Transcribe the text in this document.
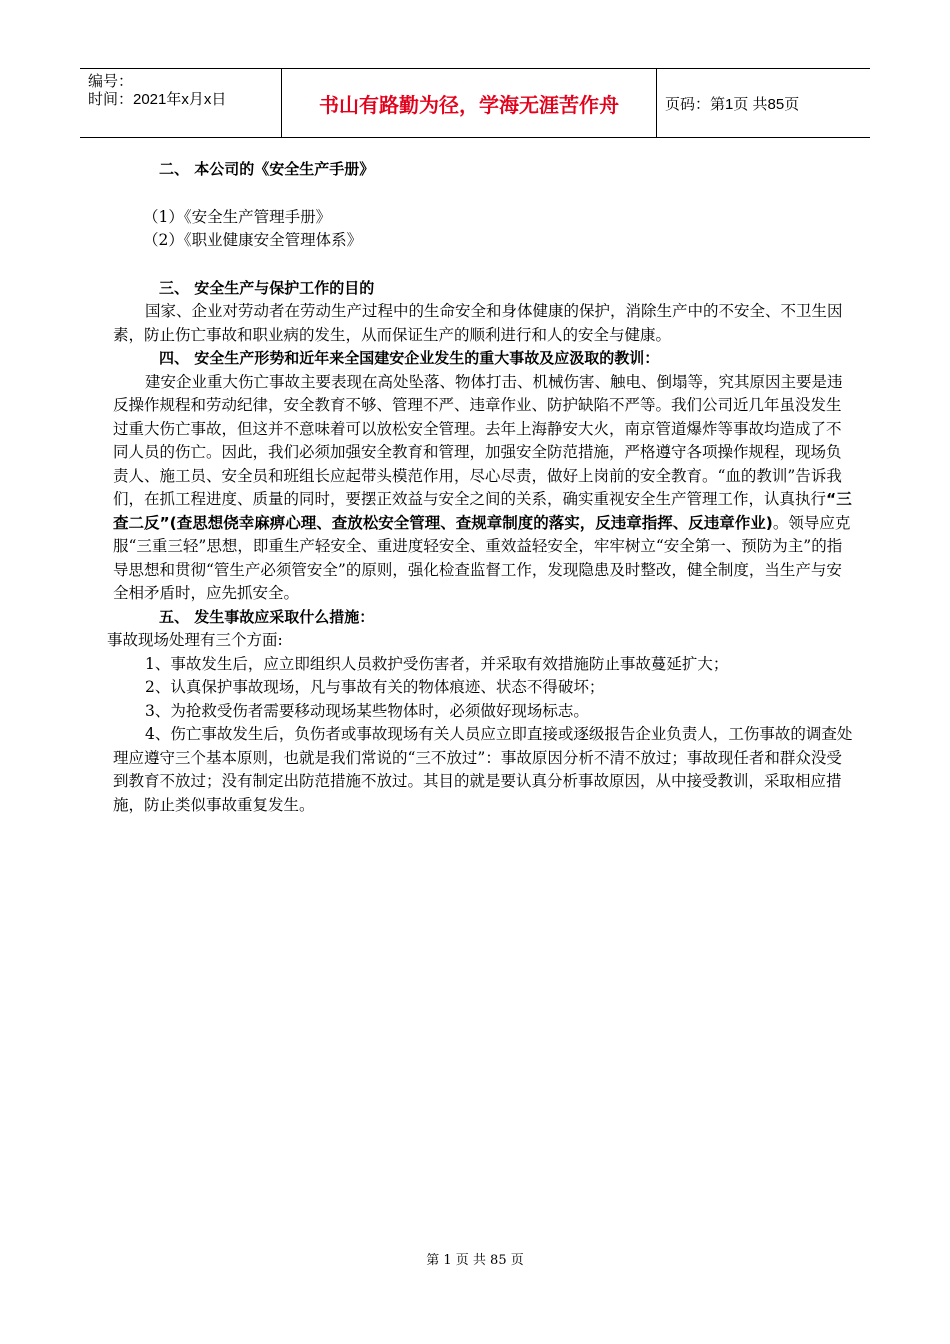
编号：
时间：2021年x月x日	书山有路勤为径，学海无涯苦作舟	页码：第1页 共85页

二、 本公司的《安全生产手册》

（1）《安全生产管理手册》

（2）《职业健康安全管理体系》

三、 安全生产与保护工作的目的

国家、企业对劳动者在劳动生产过程中的生命安全和身体健康的保护，消除生产中的不安全、不卫生因素，防止伤亡事故和职业病的发生，从而保证生产的顺利进行和人的安全与健康。

四、 安全生产形势和近年来全国建安企业发生的重大事故及应汲取的教训：

建安企业重大伤亡事故主要表现在高处坠落、物体打击、机械伤害、触电、倒塌等，究其原因主要是违反操作规程和劳动纪律，安全教育不够、管理不严、违章作业、防护缺陷不严等。我们公司近几年虽没发生过重大伤亡事故，但这并不意味着可以放松安全管理。去年上海静安大火，南京管道爆炸等事故均造成了不同人员的伤亡。因此，我们必须加强安全教育和管理，加强安全防范措施，严格遵守各项操作规程，现场负责人、施工员、安全员和班组长应起带头模范作用，尽心尽责，做好上岗前的安全教育。“血的教训”告诉我们，在抓工程进度、质量的同时，要摆正效益与安全之间的关系，确实重视安全生产管理工作，认真执行“三查二反”(查思想侥幸麻痹心理、查放松安全管理、查规章制度的落实，反违章指挥、反违章作业)。领导应克服“三重三轻”思想，即重生产轻安全、重进度轻安全、重效益轻安全，牢牢树立“安全第一、预防为主”的指导思想和贯彻“管生产必须管安全”的原则，强化检查监督工作，发现隐患及时整改，健全制度，当生产与安全相矛盾时，应先抓安全。

五、 发生事故应采取什么措施：

事故现场处理有三个方面:

1、事故发生后，应立即组织人员救护受伤害者，并采取有效措施防止事故蔓延扩大；

2、认真保护事故现场，凡与事故有关的物体痕迹、状态不得破坏；

3、为抢救受伤者需要移动现场某些物体时，必须做好现场标志。

4、伤亡事故发生后，负伤者或事故现场有关人员应立即直接或逐级报告企业负责人，工伤事故的调查处理应遵守三个基本原则，也就是我们常说的“三不放过”：事故原因分析不清不放过；事故现任者和群众没受到教育不放过；没有制定出防范措施不放过。其目的就是要认真分析事故原因，从中接受教训，采取相应措施，防止类似事故重复发生。

第 1 页 共 85 页
